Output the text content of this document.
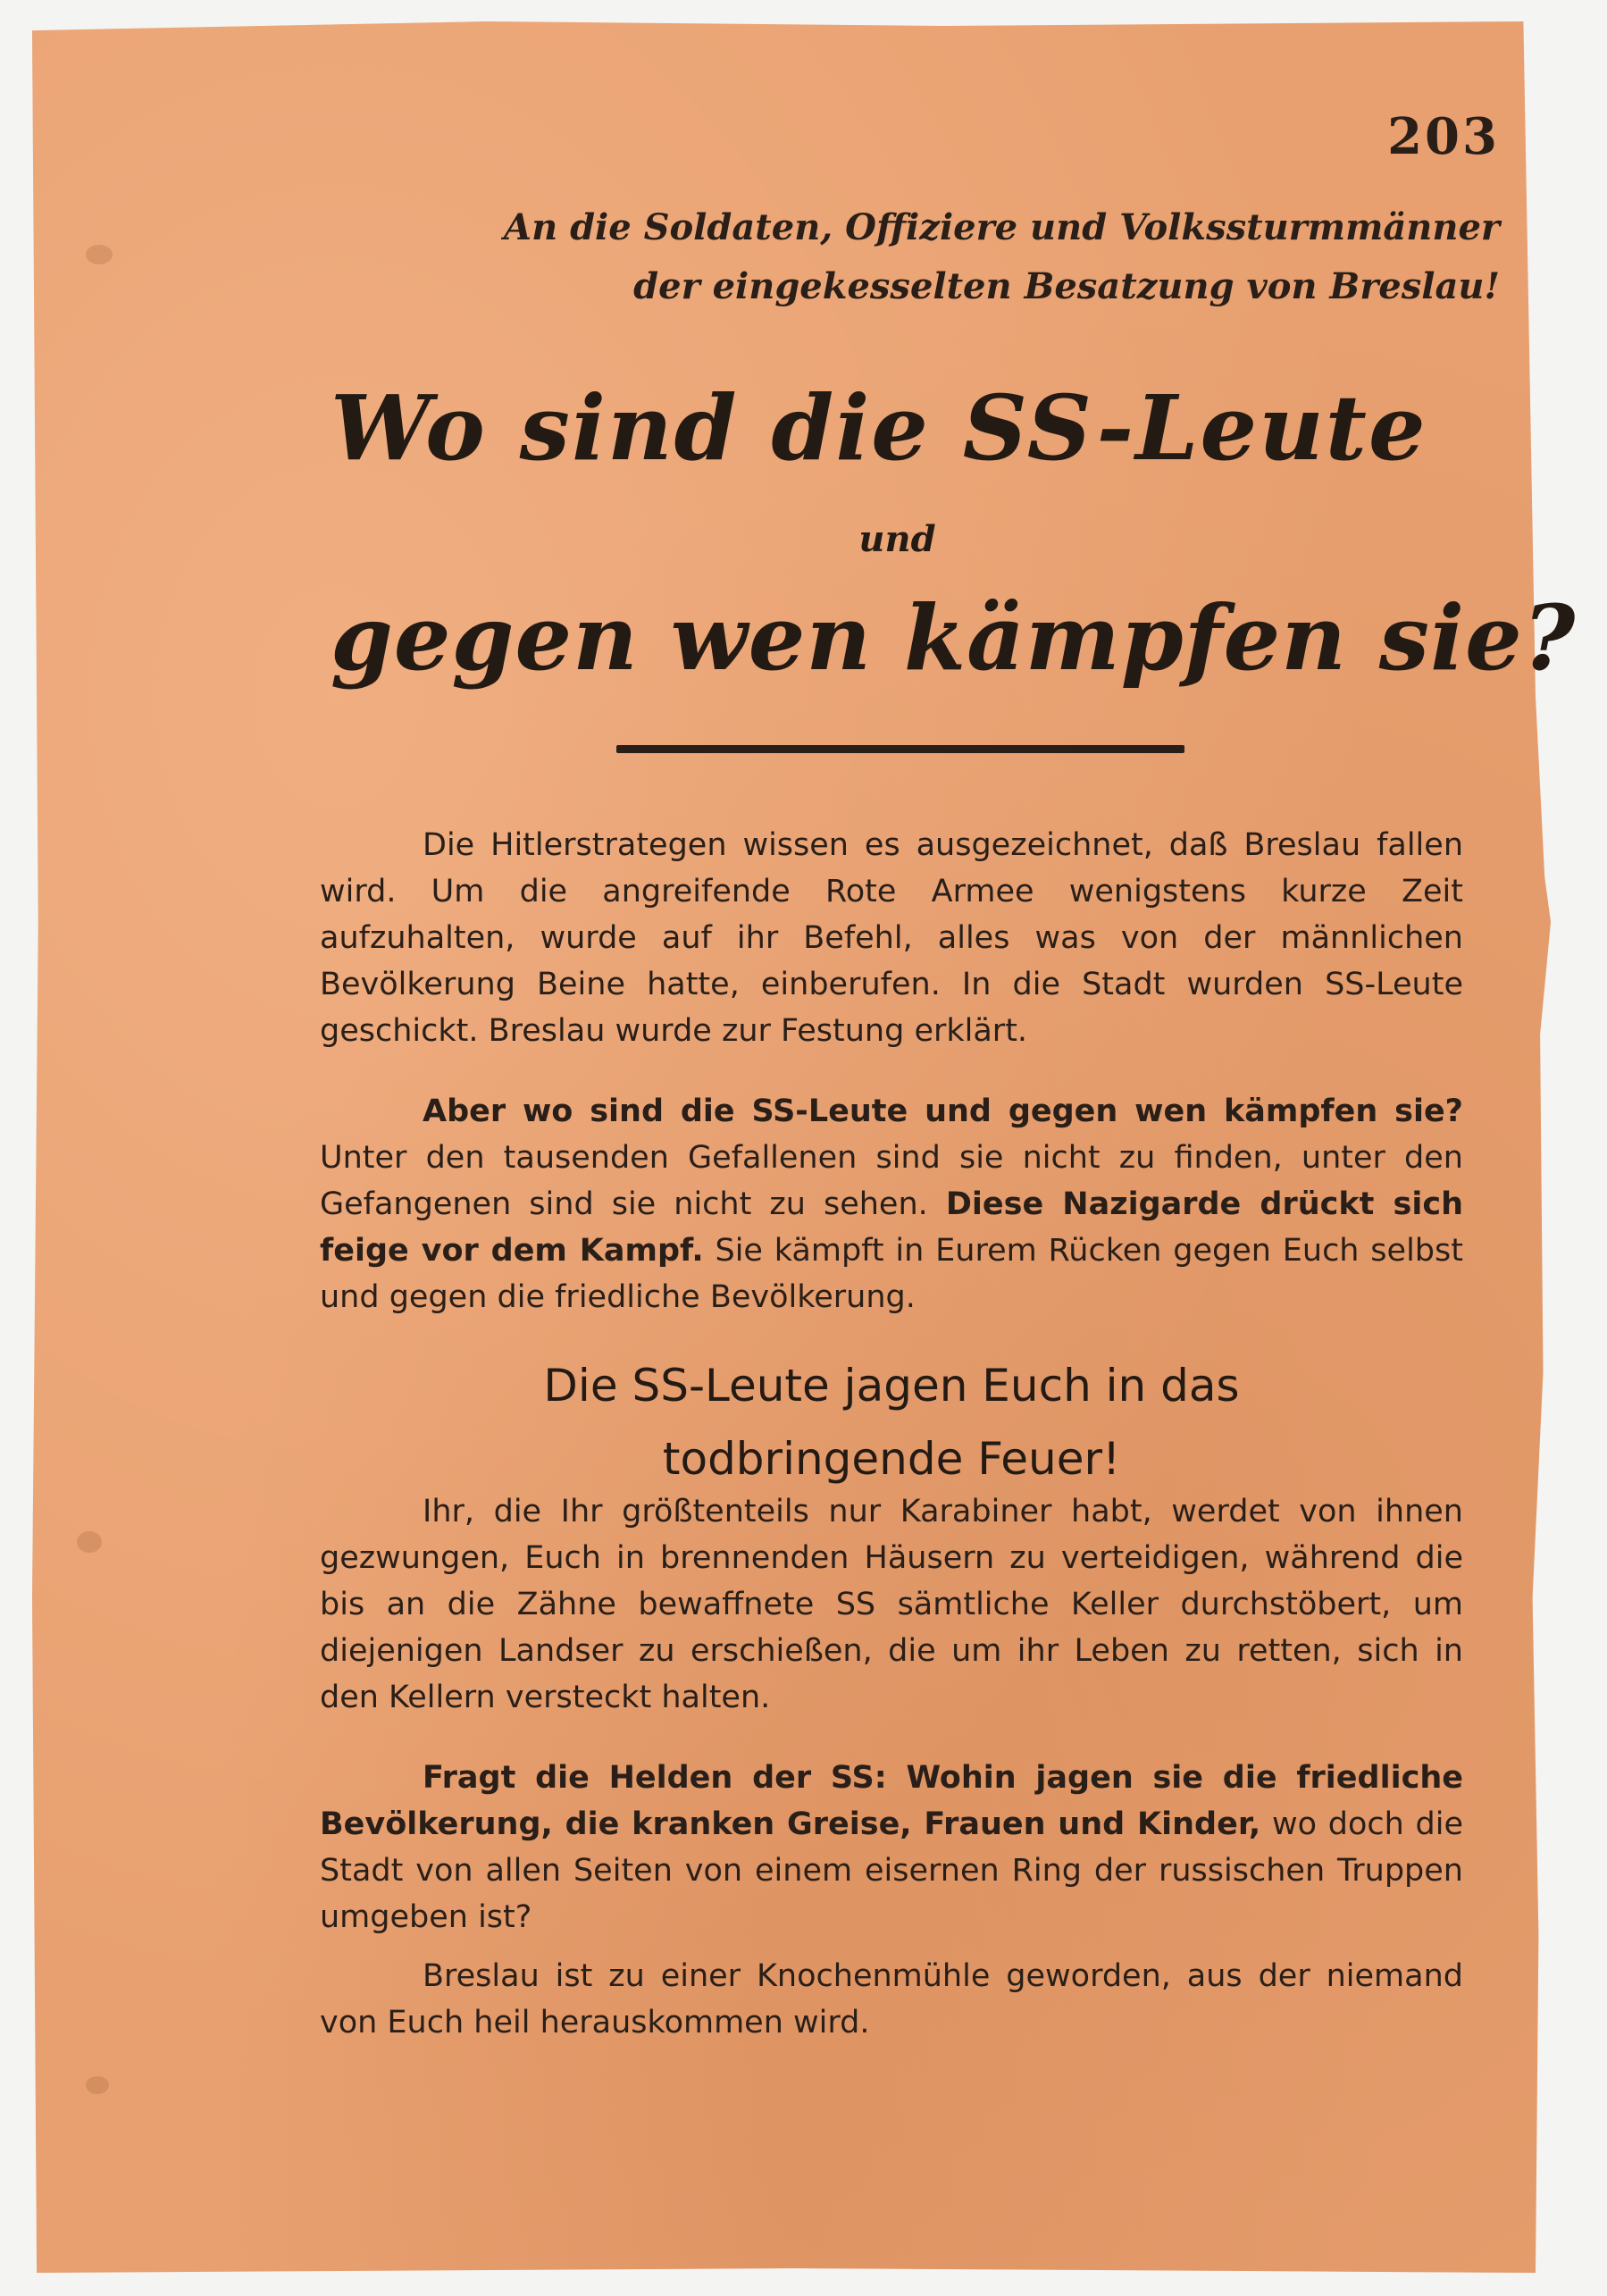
203
An die Soldaten, Offiziere und Volkssturmmänner
der eingekesselten Besatzung von Breslau!
Wo sind die SS-Leute
und
gegen wen kämpfen sie?

Die Hitlerstrategen wissen es ausgezeichnet, daß Breslau fallen wird. Um die angreifende Rote Armee wenigstens kurze Zeit aufzuhalten, wurde auf ihr Befehl, alles was von der männlichen Bevölkerung Beine hatte, einberufen. In die Stadt wurden SS-Leute geschickt. Breslau wurde zur Festung erklärt.

Aber wo sind die SS-Leute und gegen wen kämpfen sie? Unter den tausenden Gefallenen sind sie nicht zu finden, unter den Gefangenen sind sie nicht zu sehen. Diese Nazigarde drückt sich feige vor dem Kampf. Sie kämpft in Eurem Rücken gegen Euch selbst und gegen die friedliche Bevölkerung.

Die SS-Leute jagen Euch in das
todbringende Feuer!

Ihr, die Ihr größtenteils nur Karabiner habt, werdet von ihnen gezwungen, Euch in brennenden Häusern zu verteidigen, während die bis an die Zähne bewaffnete SS sämtliche Keller durchstöbert, um diejenigen Landser zu erschießen, die um ihr Leben zu retten, sich in den Kellern versteckt halten.

Fragt die Helden der SS: Wohin jagen sie die friedliche Bevölkerung, die kranken Greise, Frauen und Kinder, wo doch die Stadt von allen Seiten von einem eisernen Ring der russischen Truppen umgeben ist?

Breslau ist zu einer Knochenmühle geworden, aus der niemand von Euch heil herauskommen wird.
